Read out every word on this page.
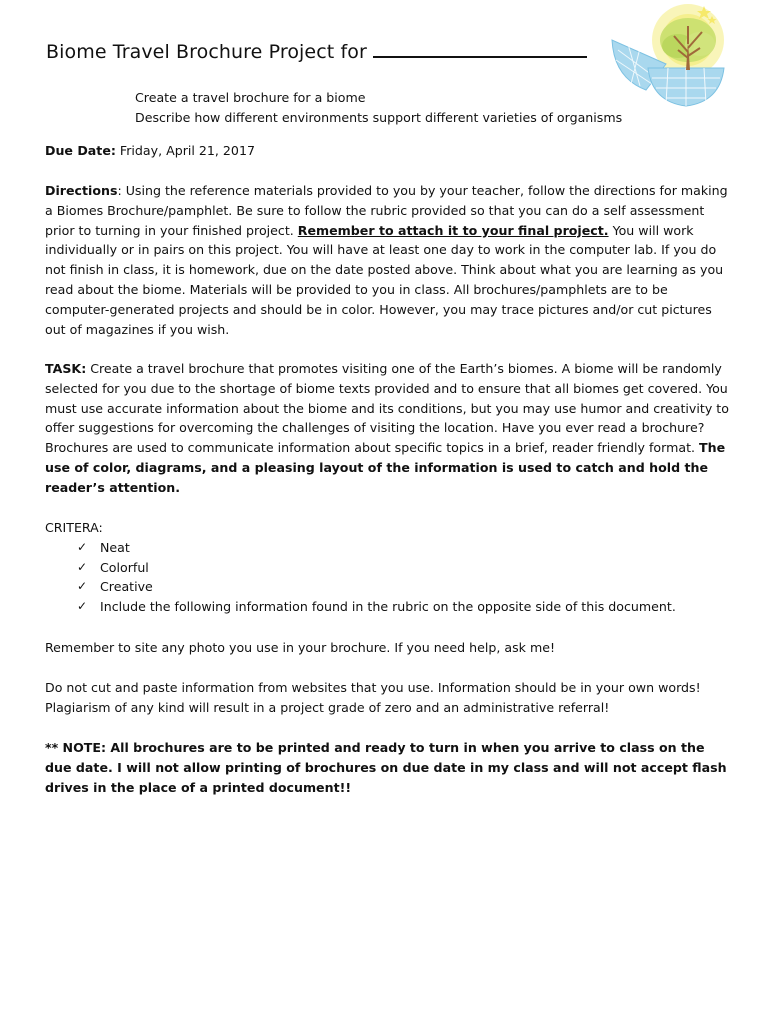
Biome Travel Brochure Project for
Create a travel brochure for a biome
Describe how different environments support different varieties of organisms

Due Date: Friday, April 21, 2017

Directions: Using the reference materials provided to you by your teacher, follow the directions for making a Biomes Brochure/pamphlet. Be sure to follow the rubric provided so that you can do a self assessment prior to turning in your finished project. Remember to attach it to your final project. You will work individually or in pairs on this project. You will have at least one day to work in the computer lab. If you do not finish in class, it is homework, due on the date posted above. Think about what you are learning as you read about the biome. Materials will be provided to you in class. All brochures/pamphlets are to be computer-generated projects and should be in color. However, you may trace pictures and/or cut pictures out of magazines if you wish.

TASK: Create a travel brochure that promotes visiting one of the Earth’s biomes. A biome will be randomly selected for you due to the shortage of biome texts provided and to ensure that all biomes get covered. You must use accurate information about the biome and its conditions, but you may use humor and creativity to offer suggestions for overcoming the challenges of visiting the location. Have you ever read a brochure? Brochures are used to communicate information about specific topics in a brief, reader friendly format. The use of color, diagrams, and a pleasing layout of the information is used to catch and hold the reader’s attention.

CRITERA:

✓ Neat
✓ Colorful
✓ Creative
✓ Include the following information found in the rubric on the opposite side of this document.

Remember to site any photo you use in your brochure. If you need help, ask me!

Do not cut and paste information from websites that you use. Information should be in your own words! Plagiarism of any kind will result in a project grade of zero and an administrative referral!

** NOTE: All brochures are to be printed and ready to turn in when you arrive to class on the due date. I will not allow printing of brochures on due date in my class and will not accept flash drives in the place of a printed document!!
